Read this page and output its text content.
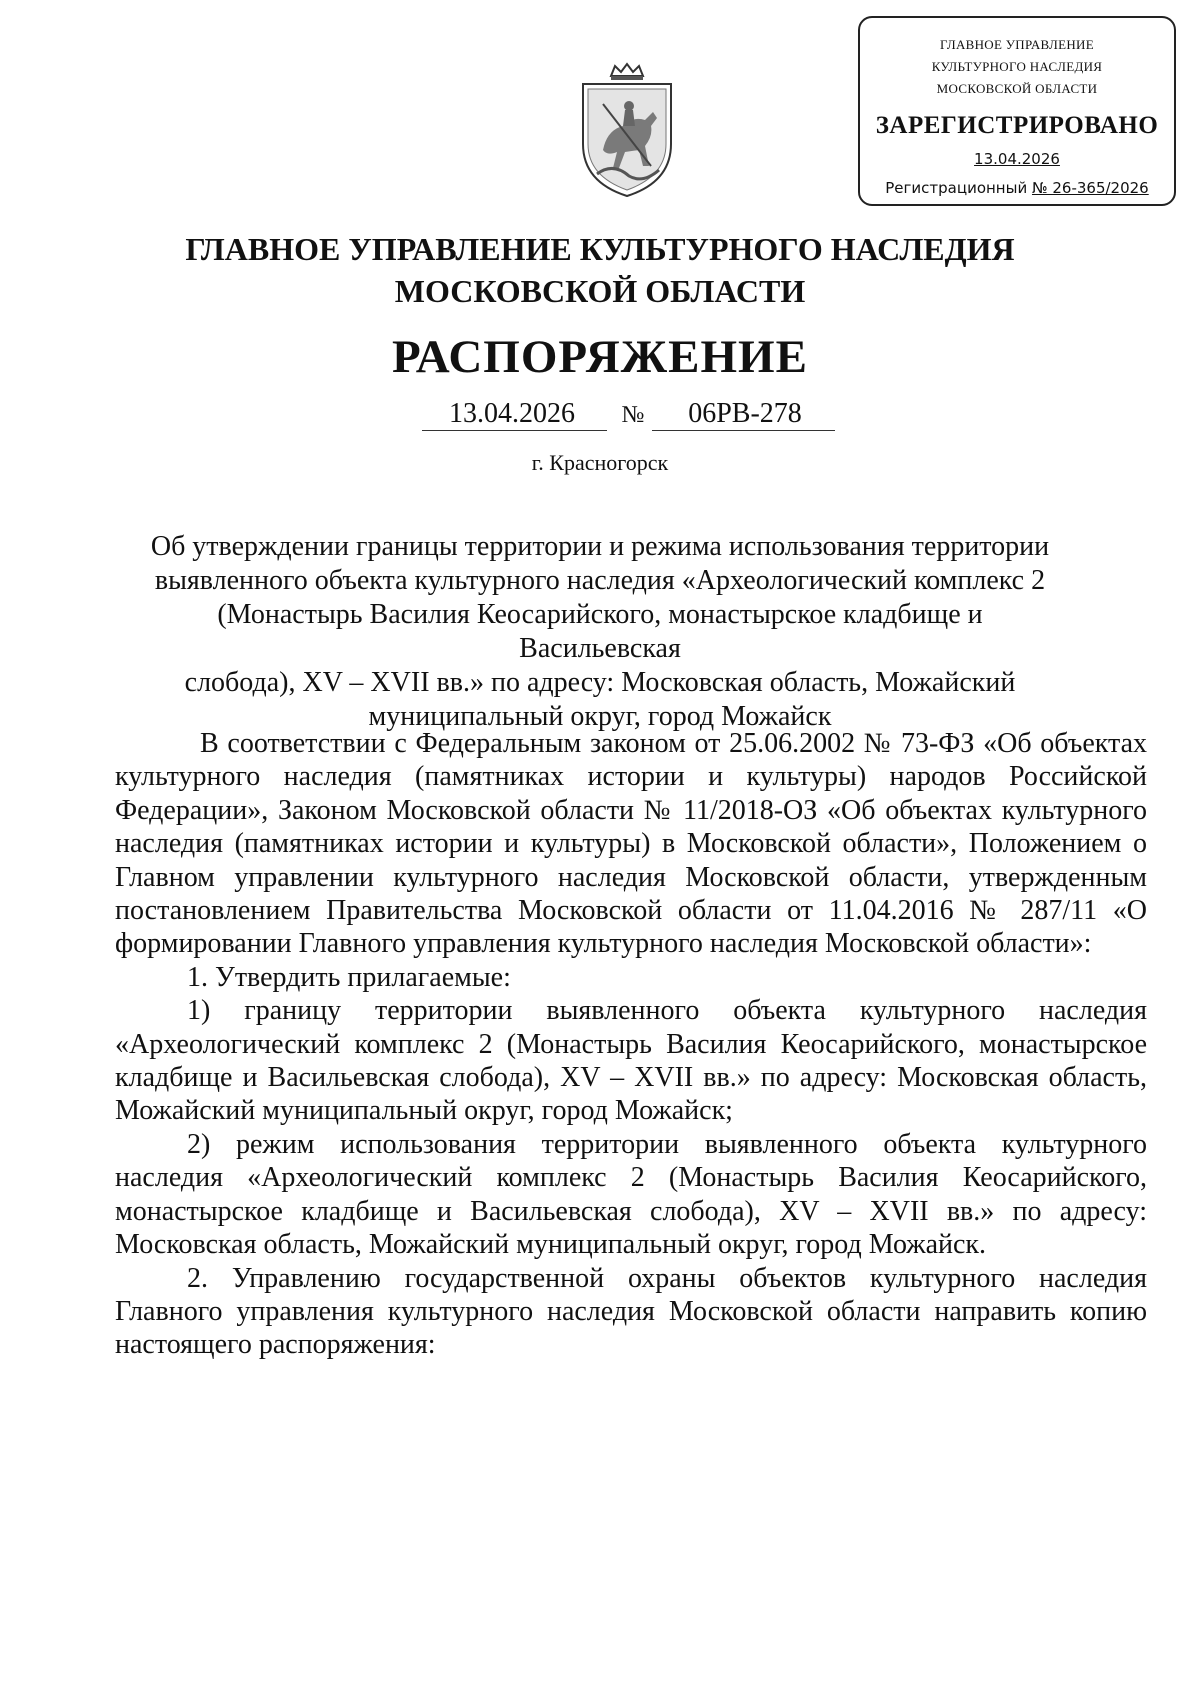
ГЛАВНОЕ УПРАВЛЕНИЕ
КУЛЬТУРНОГО НАСЛЕДИЯ
МОСКОВСКОЙ ОБЛАСТИ
ЗАРЕГИСТРИРОВАНО
13.04.2026
Регистрационный № 26-365/2026
ГЛАВНОЕ УПРАВЛЕНИЕ КУЛЬТУРНОГО НАСЛЕДИЯ
МОСКОВСКОЙ ОБЛАСТИ
РАСПОРЯЖЕНИЕ
13.04.2026	№	06РВ-278
г. Красногорск
Об утверждении границы территории и режима использования территории
выявленного объекта культурного наследия «Археологический комплекс 2
(Монастырь Василия Кеосарийского, монастырское кладбище и Васильевская
слобода), XV – XVII вв.» по адресу: Московская область, Можайский
муниципальный округ, город Можайск

В соответствии с Федеральным законом от 25.06.2002 № 73-ФЗ «Об объектах культурного наследия (памятниках истории и культуры) народов Российской Федерации», Законом Московской области № 11/2018-ОЗ «Об объектах культурного наследия (памятниках истории и культуры) в Московской области», Положением о Главном управлении культурного наследия Московской области, утвержденным постановлением Правительства Московской области от 11.04.2016 № 287/11 «О формировании Главного управления культурного наследия Московской области»:

1. Утвердить прилагаемые:

1) границу территории выявленного объекта культурного наследия «Археологический комплекс 2 (Монастырь Василия Кеосарийского, монастырское кладбище и Васильевская слобода), XV – XVII вв.» по адресу: Московская область, Можайский муниципальный округ, город Можайск;

2) режим использования территории выявленного объекта культурного наследия «Археологический комплекс 2 (Монастырь Василия Кеосарийского, монастырское кладбище и Васильевская слобода), XV – XVII вв.» по адресу: Московская область, Можайский муниципальный округ, город Можайск.

2. Управлению государственной охраны объектов культурного наследия Главного управления культурного наследия Московской области направить копию настоящего распоряжения:
